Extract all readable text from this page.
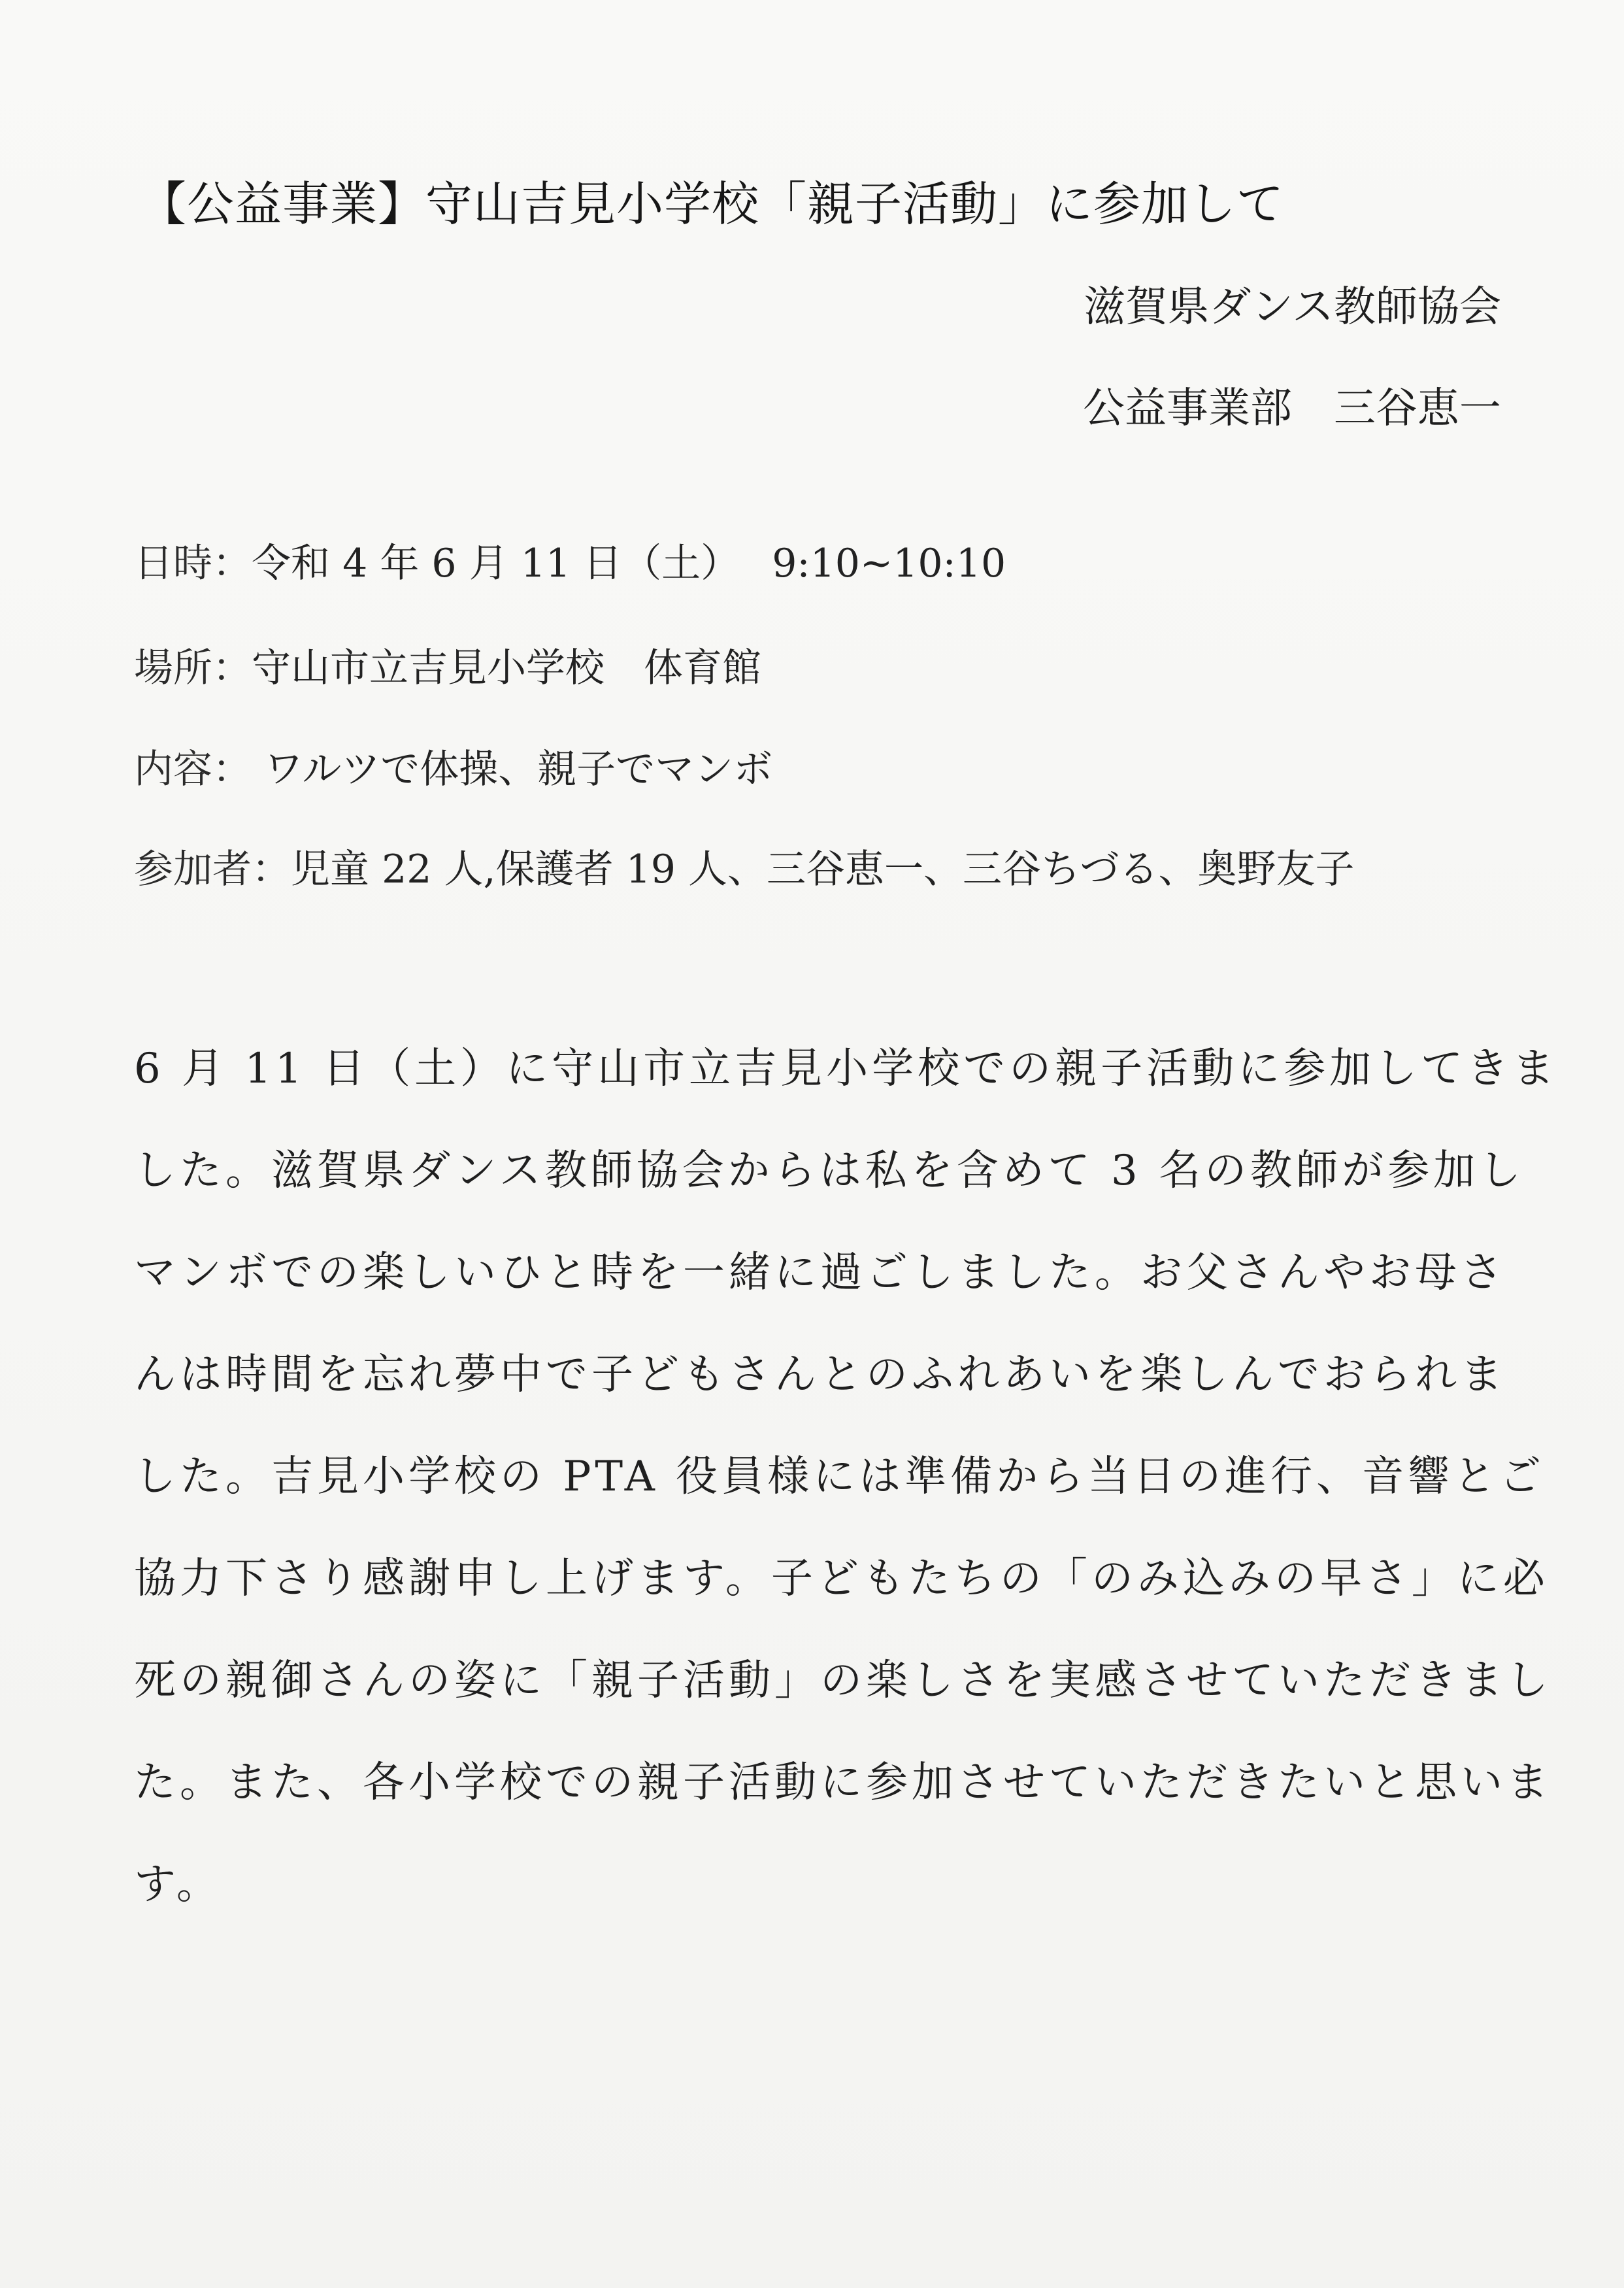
【公益事業】守山吉見小学校「親子活動」に参加して
滋賀県ダンス教師協会
公益事業部　三谷恵一
日時：令和 4 年 6 月 11 日（土）　 9:10~10:10
場所：守山市立吉見小学校　体育館
内容： ワルツで体操、親子でマンボ
参加者：児童 22 人,保護者 19 人、三谷恵一、三谷ちづる、奥野友子
6 月 11 日（土）に守山市立吉見小学校での親子活動に参加してきま
した。滋賀県ダンス教師協会からは私を含めて 3 名の教師が参加し
マンボでの楽しいひと時を一緒に過ごしました。お父さんやお母さ
んは時間を忘れ夢中で子どもさんとのふれあいを楽しんでおられま
した。吉見小学校の PTA 役員様には準備から当日の進行、音響とご
協力下さり感謝申し上げます。子どもたちの「のみ込みの早さ」に必
死の親御さんの姿に「親子活動」の楽しさを実感させていただきまし
た。また、各小学校での親子活動に参加させていただきたいと思いま
す。
